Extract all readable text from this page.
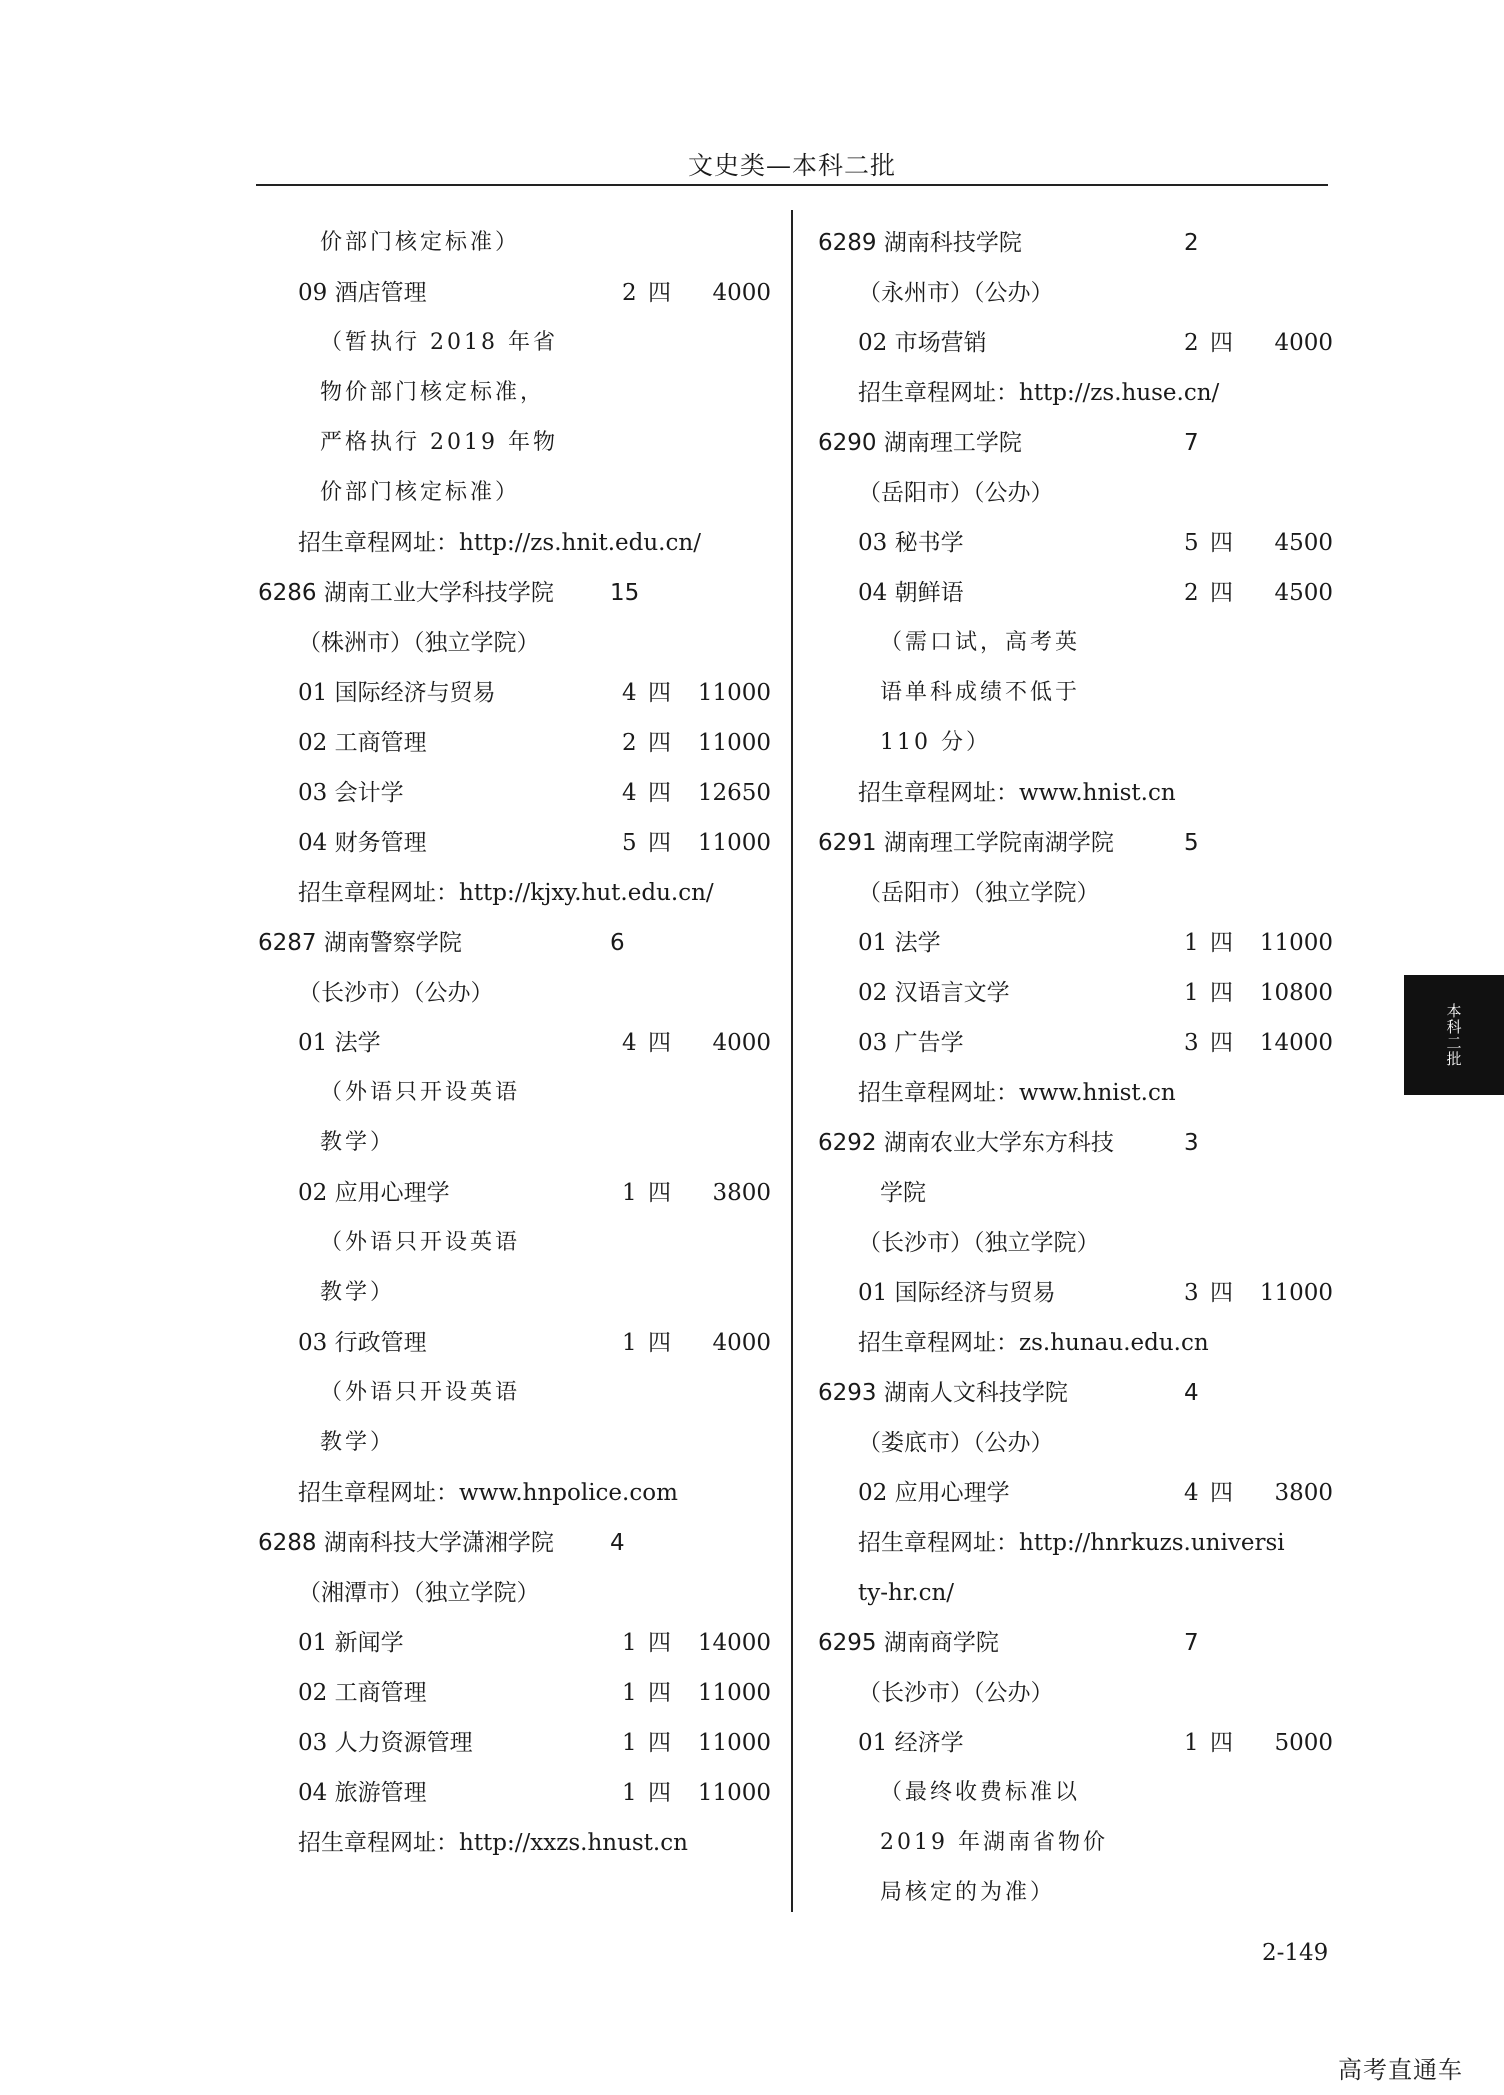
文史类—本科二批
价部门核定标准）
09 酒店管理	2 四	4000
（暂执行 2018 年省
物价部门核定标准，
严格执行 2019 年物
价部门核定标准）
招生章程网址：http://zs.hnit.edu.cn/
6286 湖南工业大学科技学院 15
（株洲市）（独立学院）
01 国际经济与贸易	4 四	11000
02 工商管理	2 四	11000
03 会计学	4 四	12650
04 财务管理	5 四	11000
招生章程网址：http://kjxy.hut.edu.cn/
6287 湖南警察学院	6
（长沙市）（公办）
01 法学	4 四	4000
（外语只开设英语
教学）
02 应用心理学	1 四	3800
（外语只开设英语
教学）
03 行政管理	1 四	4000
（外语只开设英语
教学）
招生章程网址：www.hnpolice.com
6288 湖南科技大学潇湘学院 4
（湘潭市）（独立学院）
01 新闻学	1 四	14000
02 工商管理	1 四	11000
03 人力资源管理	1 四	11000
04 旅游管理	1 四	11000
招生章程网址：http://xxzs.hnust.cn
6289 湖南科技学院	2
（永州市）（公办）
02 市场营销	2 四	4000
招生章程网址：http://zs.huse.cn/
6290 湖南理工学院	7
（岳阳市）（公办）
03 秘书学	5 四	4500
04 朝鲜语	2 四	4500
（需口试，高考英
语单科成绩不低于
110 分）
招生章程网址：www.hnist.cn
6291 湖南理工学院南湖学院	5
（岳阳市）（独立学院）
01 法学	1 四	11000
02 汉语言文学	1 四	10800
03 广告学	3 四	14000
招生章程网址：www.hnist.cn
6292 湖南农业大学东方科技	3
学院
（长沙市）（独立学院）
01 国际经济与贸易	3 四	11000
招生章程网址：zs.hunau.edu.cn
6293 湖南人文科技学院	4
（娄底市）（公办）
02 应用心理学	4 四	3800
招生章程网址：http://hnrkuzs.universi
ty-hr.cn/
6295 湖南商学院	7
（长沙市）（公办）
01 经济学	1 四	5000
（最终收费标准以
2019 年湖南省物价
局核定的为准）
本科二批
2-149
高考直通车
